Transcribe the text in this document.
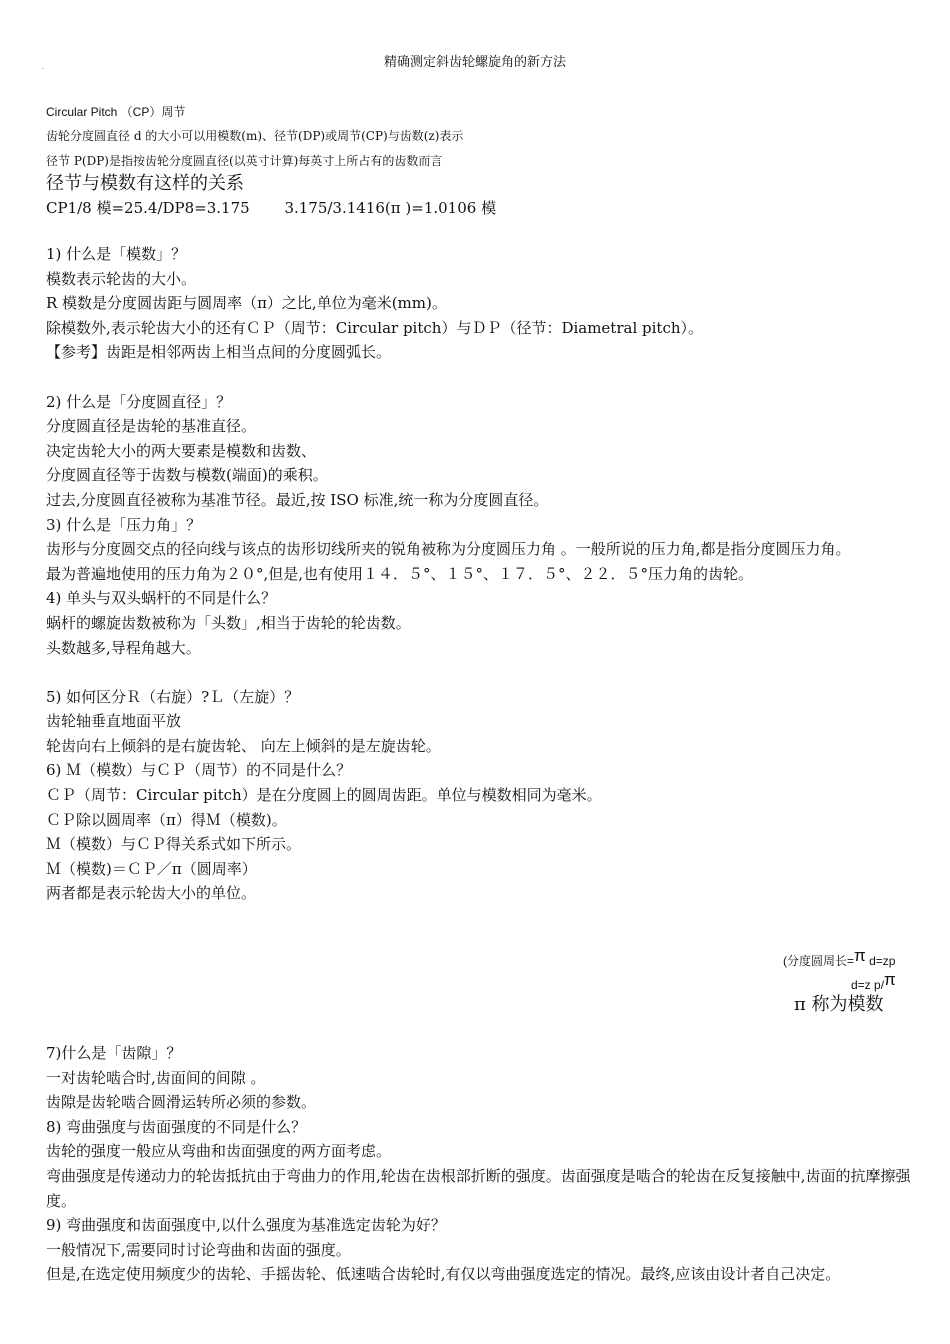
精确测定斜齿轮螺旋角的新方法
.
Circular Pitch （CP）周节
齿轮分度圆直径 d 的大小可以用模数(m)、径节(DP)或周节(CP)与齿数(z)表示
径节 P(DP)是指按齿轮分度圆直径(以英寸计算)每英寸上所占有的齿数而言
径节与模数有这样的关系
CP1/8 模=25.4/DP8=3.175　　 3.175/3.1416(π )=1.0106 模
1) 什么是「模数」？
模数表示轮齿的大小。
R 模数是分度圆齿距与圆周率（π）之比,单位为毫米(mm)。
除模数外,表示轮齿大小的还有ＣＰ（周节：Circular pitch）与ＤＰ（径节：Diametral pitch）。
【参考】齿距是相邻两齿上相当点间的分度圆弧长。
2) 什么是「分度圆直径」？
分度圆直径是齿轮的基准直径。
决定齿轮大小的两大要素是模数和齿数、
分度圆直径等于齿数与模数(端面)的乘积。
过去,分度圆直径被称为基准节径。最近,按 ISO 标准,统一称为分度圆直径。
3) 什么是「压力角」？
齿形与分度圆交点的径向线与该点的齿形切线所夹的锐角被称为分度圆压力角 。一般所说的压力角,都是指分度圆压力角。
最为普遍地使用的压力角为２０°,但是,也有使用１４．５°、１５°、１７．５°、２２．５°压力角的齿轮。
4) 单头与双头蜗杆的不同是什么？
蜗杆的螺旋齿数被称为「头数」,相当于齿轮的轮齿数。
头数越多,导程角越大。
5) 如何区分Ｒ（右旋）?Ｌ（左旋）？
齿轮轴垂直地面平放
轮齿向右上倾斜的是右旋齿轮、 向左上倾斜的是左旋齿轮。
6) Ｍ（模数）与ＣＰ（周节）的不同是什么？
ＣＰ（周节：Circular pitch）是在分度圆上的圆周齿距。单位与模数相同为毫米。
ＣＰ除以圆周率（π）得Ｍ（模数)。
Ｍ（模数）与ＣＰ得关系式如下所示。
Ｍ（模数)＝ＣＰ／π（圆周率）
两者都是表示轮齿大小的单位。
(分度圆周长=π d=zp
d=z p/π
π 称为模数
7)什么是「齿隙」？
一对齿轮啮合时,齿面间的间隙 。
齿隙是齿轮啮合圆滑运转所必须的参数。
8) 弯曲强度与齿面强度的不同是什么？
齿轮的强度一般应从弯曲和齿面强度的两方面考虑。
弯曲强度是传递动力的轮齿抵抗由于弯曲力的作用,轮齿在齿根部折断的强度。齿面强度是啮合的轮齿在反复接触中,齿面的抗摩擦强度。
9) 弯曲强度和齿面强度中,以什么强度为基准选定齿轮为好？
一般情况下,需要同时讨论弯曲和齿面的强度。
但是,在选定使用频度少的齿轮、手摇齿轮、低速啮合齿轮时,有仅以弯曲强度选定的情况。最终,应该由设计者自己决定。
